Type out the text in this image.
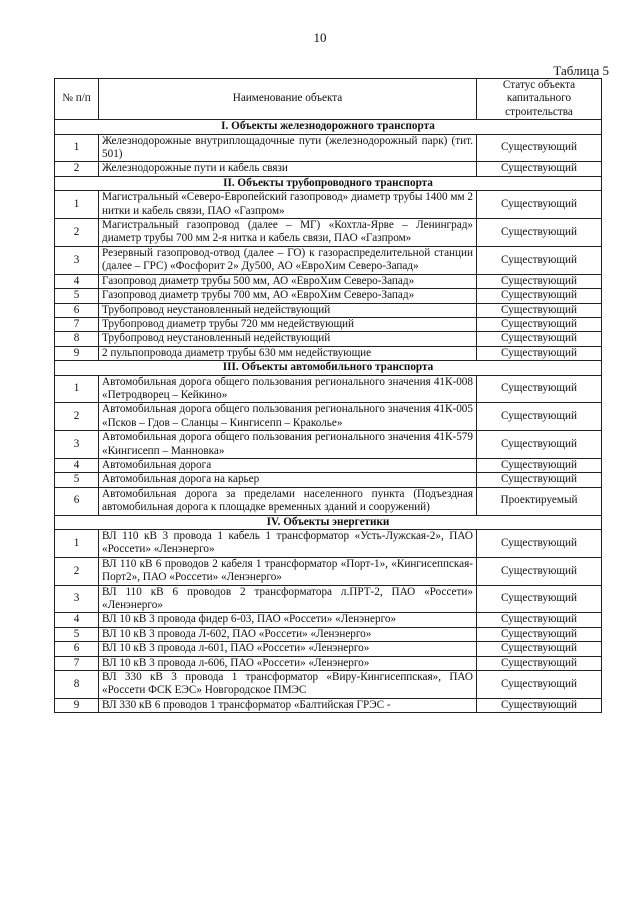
10
Таблица 5
№ п/п	Наименование объекта	Статус объекта капитального строительства
I. Объекты железнодорожного транспорта		
1	Железнодорожные внутриплощадочные пути (железнодорожный парк) (тит. 501)	Существующий
2	Железнодорожные пути и кабель связи	Существующий
II. Объекты трубопроводного транспорта		
1	Магистральный «Северо-Европейский газопровод» диаметр трубы 1400 мм 2 нитки и кабель связи, ПАО «Газпром»	Существующий
2	Магистральный газопровод (далее – МГ) «Кохтла-Ярве – Ленинград» диаметр трубы 700 мм 2-я нитка и кабель связи, ПАО «Газпром»	Существующий
3	Резервный газопровод-отвод (далее – ГО) к газораспределительной станции (далее – ГРС) «Фосфорит 2» Ду500, АО «ЕвроХим Северо-Запад»	Существующий
4	Газопровод диаметр трубы 500 мм, АО «ЕвроХим Северо-Запад»	Существующий
5	Газопровод диаметр трубы 700 мм, АО «ЕвроХим Северо-Запад»	Существующий
6	Трубопровод неустановленный недействующий	Существующий
7	Трубопровод диаметр трубы 720 мм недействующий	Существующий
8	Трубопровод неустановленный недействующий	Существующий
9	2 пульпопровода диаметр трубы 630 мм недействующие	Существующий
III. Объекты автомобильного транспорта		
1	Автомобильная дорога общего пользования регионального значения 41К-008 «Петродворец – Кейкино»	Существующий
2	Автомобильная дорога общего пользования регионального значения 41К-005 «Псков – Гдов – Сланцы – Кингисепп – Краколье»	Существующий
3	Автомобильная дорога общего пользования регионального значения 41К-579 «Кингисепп – Манновка»	Существующий
4	Автомобильная дорога	Существующий
5	Автомобильная дорога на карьер	Существующий
6	Автомобильная дорога за пределами населенного пункта (Подъездная автомобильная дорога к площадке временных зданий и сооружений)	Проектируемый
IV. Объекты энергетики		
1	ВЛ 110 кВ 3 провода 1 кабель 1 трансформатор «Усть-Лужская-2», ПАО «Россети» «Ленэнерго»	Существующий
2	ВЛ 110 кВ 6 проводов 2 кабеля 1 трансформатор «Порт-1», «Кингисеппская-Порт2», ПАО «Россети» «Ленэнерго»	Существующий
3	ВЛ 110 кВ 6 проводов 2 трансформатора л.ПРТ-2, ПАО «Россети» «Ленэнерго»	Существующий
4	ВЛ 10 кВ 3 провода фидер 6-03, ПАО «Россети» «Ленэнерго»	Существующий
5	ВЛ 10 кВ 3 провода Л-602, ПАО «Россети» «Ленэнерго»	Существующий
6	ВЛ 10 кВ 3 провода л-601, ПАО «Россети» «Ленэнерго»	Существующий
7	ВЛ 10 кВ 3 провода л-606, ПАО «Россети» «Ленэнерго»	Существующий
8	ВЛ 330 кВ 3 провода 1 трансформатор «Виру-Кингисеппская», ПАО «Россети ФСК ЕЭС» Новгородское ПМЭС	Существующий
9	ВЛ 330 кВ 6 проводов 1 трансформатор «Балтийская ГРЭС -	Существующий
